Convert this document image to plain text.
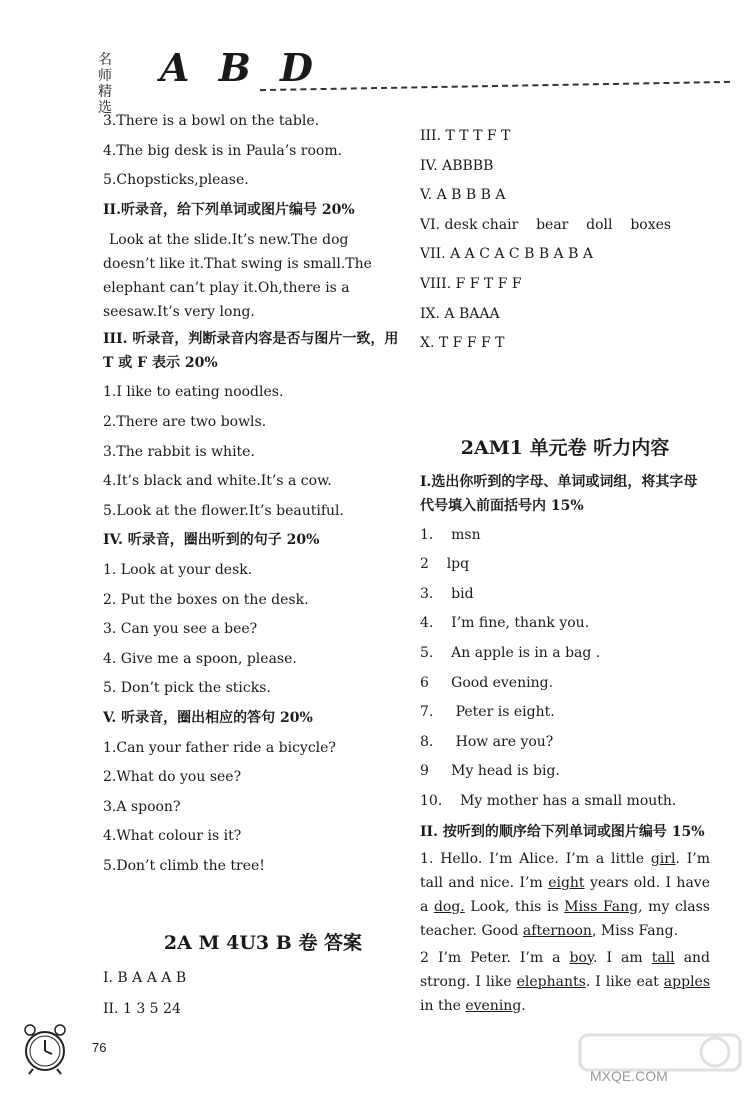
名师精选
A B D
3.There is a bowl on the table.
4.The big desk is in Paula’s room.
5.Chopsticks,please.
II.听录音，给下列单词或图片编号 20%
Look at the slide.It’s new.The dog doesn’t like it.That swing is small.The elephant can’t play it.Oh,there is a seesaw.It’s very long.
III. 听录音，判断录音内容是否与图片一致，用 T 或 F 表示 20%
1.I like to eating noodles.
2.There are two bowls.
3.The rabbit is white.
4.It’s black and white.It’s a cow.
5.Look at the flower.It’s beautiful.
IV. 听录音，圈出听到的句子 20%
1. Look at your desk.
2. Put the boxes on the desk.
3. Can you see a bee?
4. Give me a spoon, please.
5. Don’t pick the sticks.
V. 听录音，圈出相应的答句 20%
1.Can your father ride a bicycle?
2.What do you see?
3.A spoon?
4.What colour is it?
5.Don’t climb the tree!
2A M 4U3 B 卷 答案
I. B A A A B
II. 1 3 5 24
III. T T T F T
IV. ABBBB
V. A B B B A
VI. desk chair    bear    doll    boxes
VII. A A C A C B B A B A
VIII. F F T F F
IX. A BAAA
X. T F F F T
2AM1 单元卷 听力内容
I.选出你听到的字母、单词或词组，将其字母代号填入前面括号内 15%
1.    msn
2    lpq
3.    bid
4.    I’m fine, thank you.
5.    An apple is in a bag .
6     Good evening.
7.     Peter is eight.
8.     How are you?
9     My head is big.
10.    My mother has a small mouth.
II. 按听到的顺序给下列单词或图片编号 15%
1. Hello. I’m Alice. I’m a little girl. I’m tall and nice. I’m eight years old. I have a dog. Look, this is Miss Fang, my class teacher. Good afternoon, Miss Fang.
2 I’m Peter. I’m a boy. I am tall and strong. I like elephants. I like eat apples in the evening.
76
MXQE.COM
